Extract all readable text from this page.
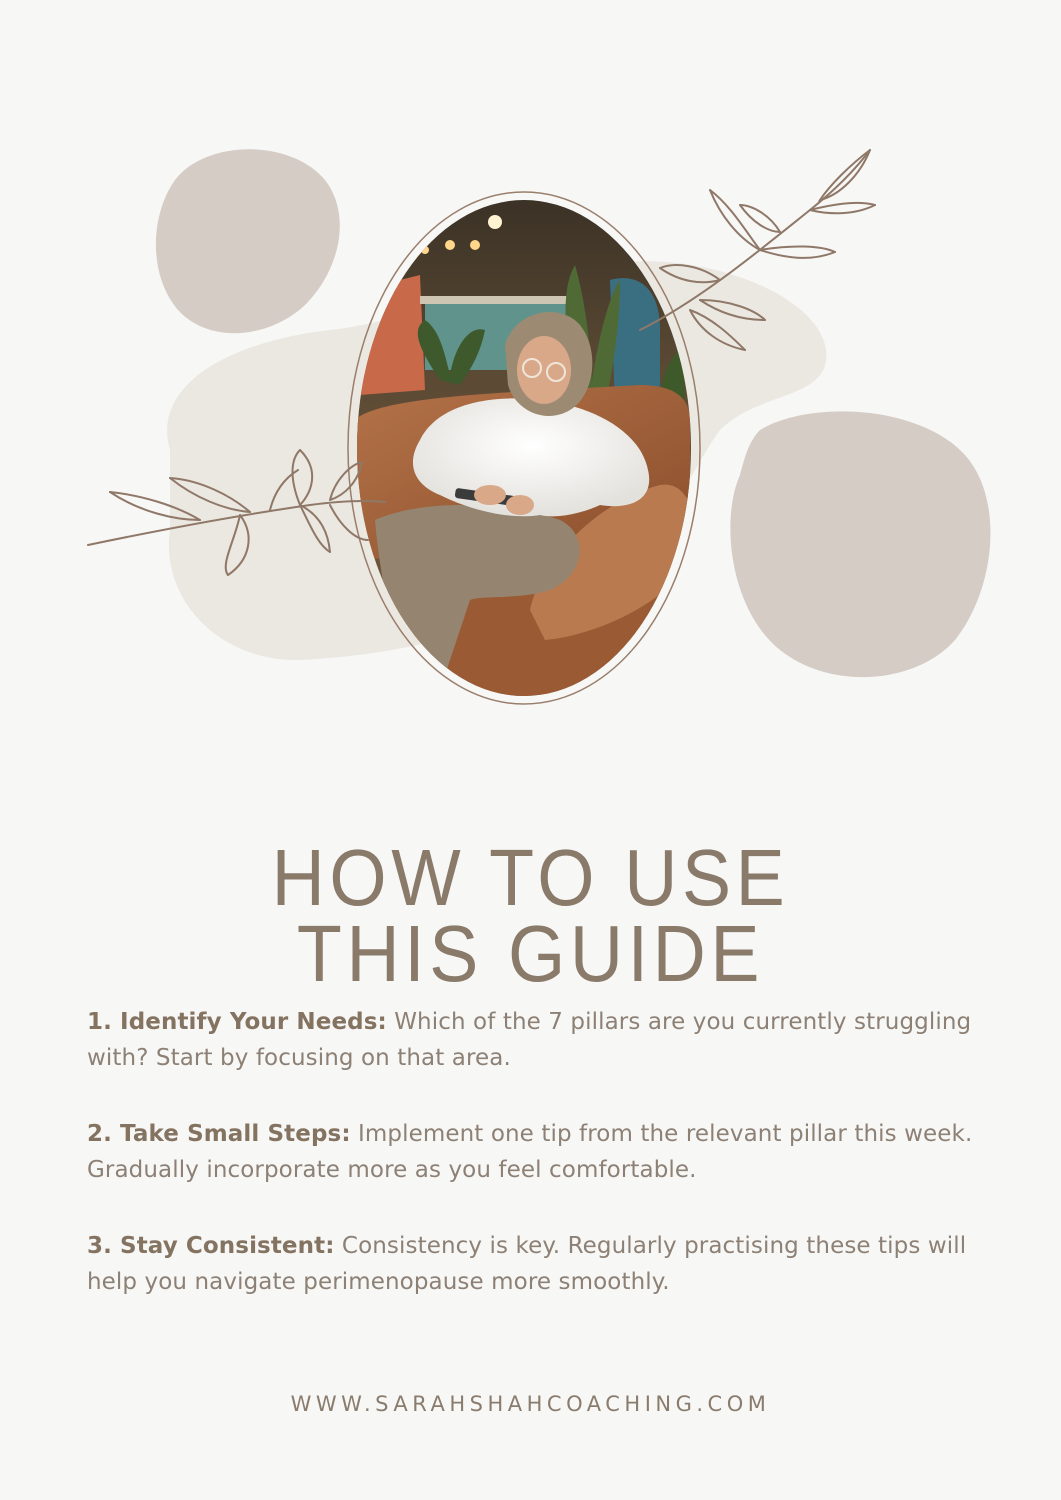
HOW TO USE
THIS GUIDE

1. Identify Your Needs: Which of the 7 pillars are you currently struggling with? Start by focusing on that area.

2. Take Small Steps: Implement one tip from the relevant pillar this week. Gradually incorporate more as you feel comfortable.

3. Stay Consistent: Consistency is key. Regularly practising these tips will help you navigate perimenopause more smoothly.

WWW.SARAHSHAHCOACHING.COM
